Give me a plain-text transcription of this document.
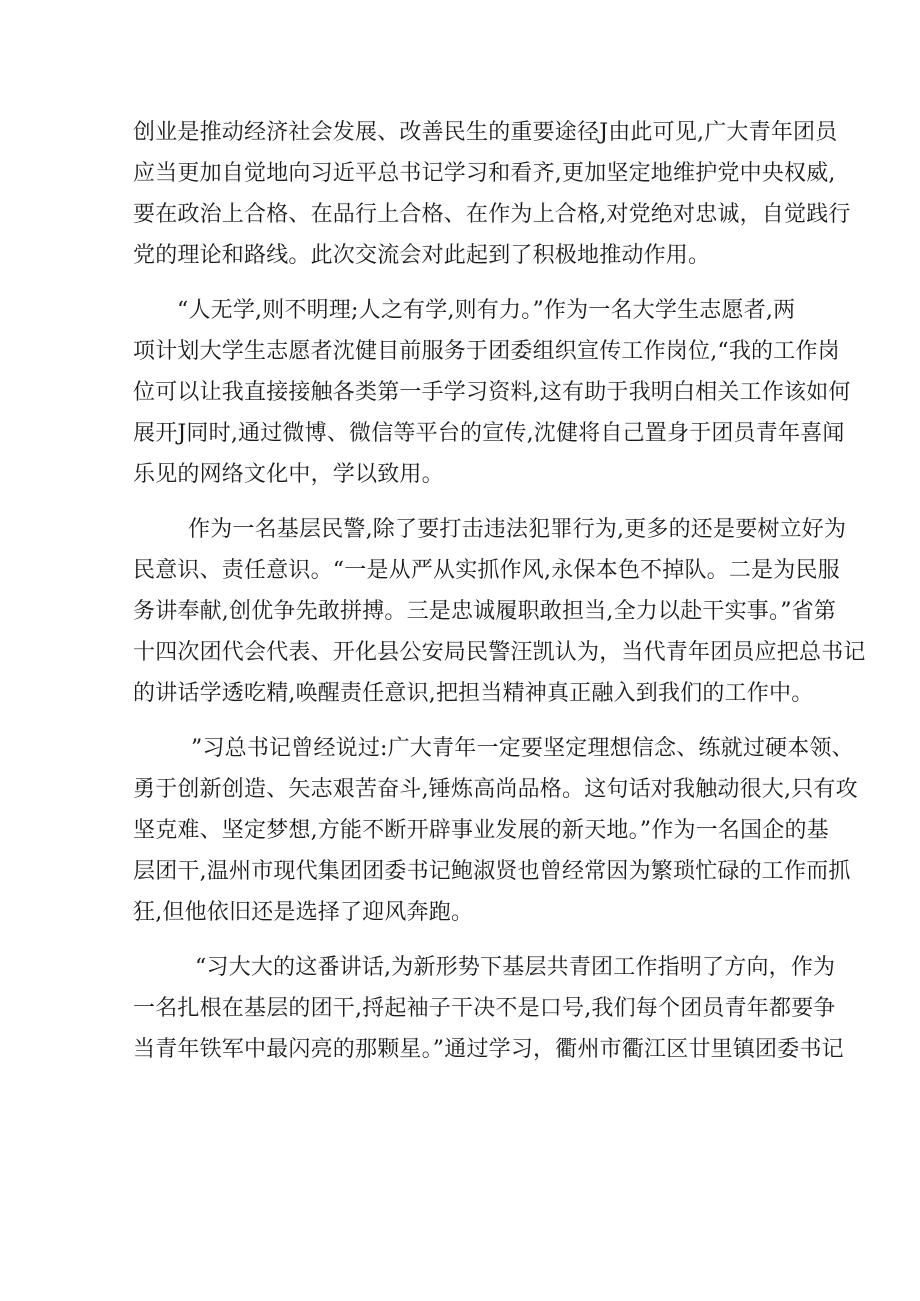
创业是推动经济社会发展、改善民生的重要途径J由此可见,广大青年团员
应当更加自觉地向习近平总书记学习和看齐,更加坚定地维护党中央权威,
要在政治上合格、在品行上合格、在作为上合格,对党绝对忠诚，自觉践行
党的理论和路线。此次交流会对此起到了积极地推动作用。
“人无学,则不明理;人之有学,则有力。”作为一名大学生志愿者,两
项计划大学生志愿者沈健目前服务于团委组织宣传工作岗位,“我的工作岗
位可以让我直接接触各类第一手学习资料,这有助于我明白相关工作该如何
展开J同时,通过微博、微信等平台的宣传,沈健将自己置身于团员青年喜闻
乐见的网络文化中，学以致用。
作为一名基层民警,除了要打击违法犯罪行为,更多的还是要树立好为
民意识、责任意识。“一是从严从实抓作风,永保本色不掉队。二是为民服
务讲奉献,创优争先敢拼搏。三是忠诚履职敢担当,全力以赴干实事。”省第
十四次团代会代表、开化县公安局民警汪凯认为，当代青年团员应把总书记
的讲话学透吃精,唤醒责任意识,把担当精神真正融入到我们的工作中。
”习总书记曾经说过:广大青年一定要坚定理想信念、练就过硬本领、
勇于创新创造、矢志艰苦奋斗,锤炼高尚品格。这句话对我触动很大,只有攻
坚克难、坚定梦想,方能不断开辟事业发展的新天地。”作为一名国企的基
层团干,温州市现代集团团委书记鲍淑贤也曾经常因为繁琐忙碌的工作而抓
狂,但他依旧还是选择了迎风奔跑。
“习大大的这番讲话,为新形势下基层共青团工作指明了方向，作为
一名扎根在基层的团干,捋起袖子干决不是口号,我们每个团员青年都要争
当青年铁军中最闪亮的那颗星。”通过学习，衢州市衢江区廿里镇团委书记
